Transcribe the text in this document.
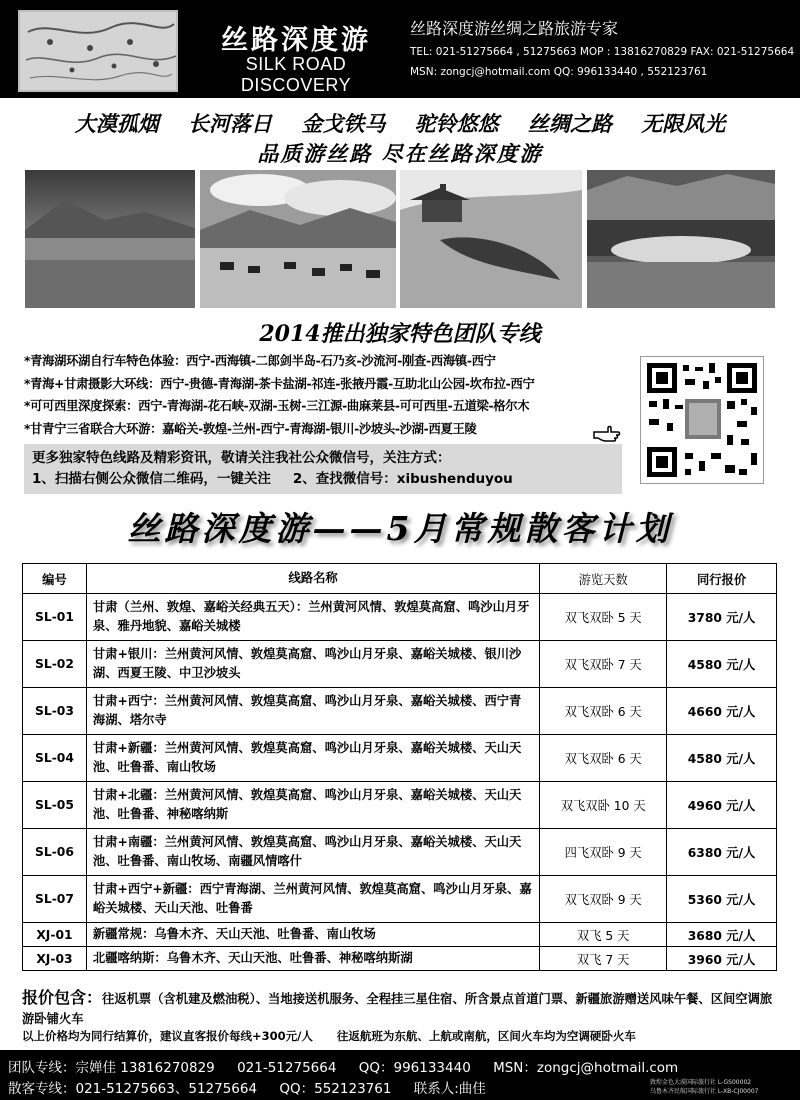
丝路深度游
SILK ROAD DISCOVERY
丝路深度游丝绸之路旅游专家
TEL: 021-51275664 , 51275663 MOP : 13816270829 FAX: 021-51275664
MSN: zongcj@hotmail.com QQ: 996133440 , 552123761
大漠孤烟 长河落日 金戈铁马 驼铃悠悠 丝绸之路 无限风光
品质游丝路 尽在丝路深度游
2014推出独家特色团队专线
*青海湖环湖自行车特色体验：西宁-西海镇-二郎剑半岛-石乃亥-沙流河-刚查-西海镇-西宁
*青海+甘肃摄影大环线：西宁-贵德-青海湖-茶卡盐湖-祁连-张掖丹霞-互助北山公园-坎布拉-西宁
*可可西里深度探索：西宁-青海湖-花石峡-双湖-玉树-三江源-曲麻莱县-可可西里-五道梁-格尔木
*甘青宁三省联合大环游：嘉峪关-敦煌-兰州-西宁-青海湖-银川-沙坡头-沙湖-西夏王陵
更多独家特色线路及精彩资讯，敬请关注我社公众微信号，关注方式：
1、扫描右侧公众微信二维码，一键关注 2、查找微信号：xibushenduyou
丝路深度游——5月常规散客计划
编号	线路名称	游览天数	同行报价
SL-01	甘肃（兰州、敦煌、嘉峪关经典五天）：兰州黄河风情、敦煌莫高窟、鸣沙山月牙泉、雅丹地貌、嘉峪关城楼	双飞双卧 5 天	3780 元/人
SL-02	甘肃+银川：兰州黄河风情、敦煌莫高窟、鸣沙山月牙泉、嘉峪关城楼、银川沙湖、西夏王陵、中卫沙坡头	双飞双卧 7 天	4580 元/人
SL-03	甘肃+西宁：兰州黄河风情、敦煌莫高窟、鸣沙山月牙泉、嘉峪关城楼、西宁青海湖、塔尔寺	双飞双卧 6 天	4660 元/人
SL-04	甘肃+新疆：兰州黄河风情、敦煌莫高窟、鸣沙山月牙泉、嘉峪关城楼、天山天池、吐鲁番、南山牧场	双飞双卧 6 天	4580 元/人
SL-05	甘肃+北疆：兰州黄河风情、敦煌莫高窟、鸣沙山月牙泉、嘉峪关城楼、天山天池、吐鲁番、神秘喀纳斯	双飞双卧 10 天	4960 元/人
SL-06	甘肃+南疆：兰州黄河风情、敦煌莫高窟、鸣沙山月牙泉、嘉峪关城楼、天山天池、吐鲁番、南山牧场、南疆风情喀什	四飞双卧 9 天	6380 元/人
SL-07	甘肃+西宁+新疆：西宁青海湖、兰州黄河风情、敦煌莫高窟、鸣沙山月牙泉、嘉峪关城楼、天山天池、吐鲁番	双飞双卧 9 天	5360 元/人
XJ-01	新疆常规：乌鲁木齐、天山天池、吐鲁番、南山牧场	双飞 5 天	3680 元/人
XJ-03	北疆喀纳斯：乌鲁木齐、天山天池、吐鲁番、神秘喀纳斯湖	双飞 7 天	3960 元/人
报价包含：往返机票（含机建及燃油税）、当地接送机服务、全程挂三星住宿、所含景点首道门票、新疆旅游赠送风味午餐、区间空调旅游卧铺火车
以上价格均为同行结算价，建议直客报价每线+300元/人 往返航班为东航、上航或南航，区间火车均为空调硬卧火车
团队专线：宗婵佳 13816270829 021-51275664 QQ：996133440 MSN：zongcj@hotmail.com
散客专线：021-51275663、51275664 QQ：552123761 联系人:曲佳	敦煌金色大漠国际旅行社 L-GS00002
乌鲁木齐民航国际旅行社 L-XB-CJ00007
